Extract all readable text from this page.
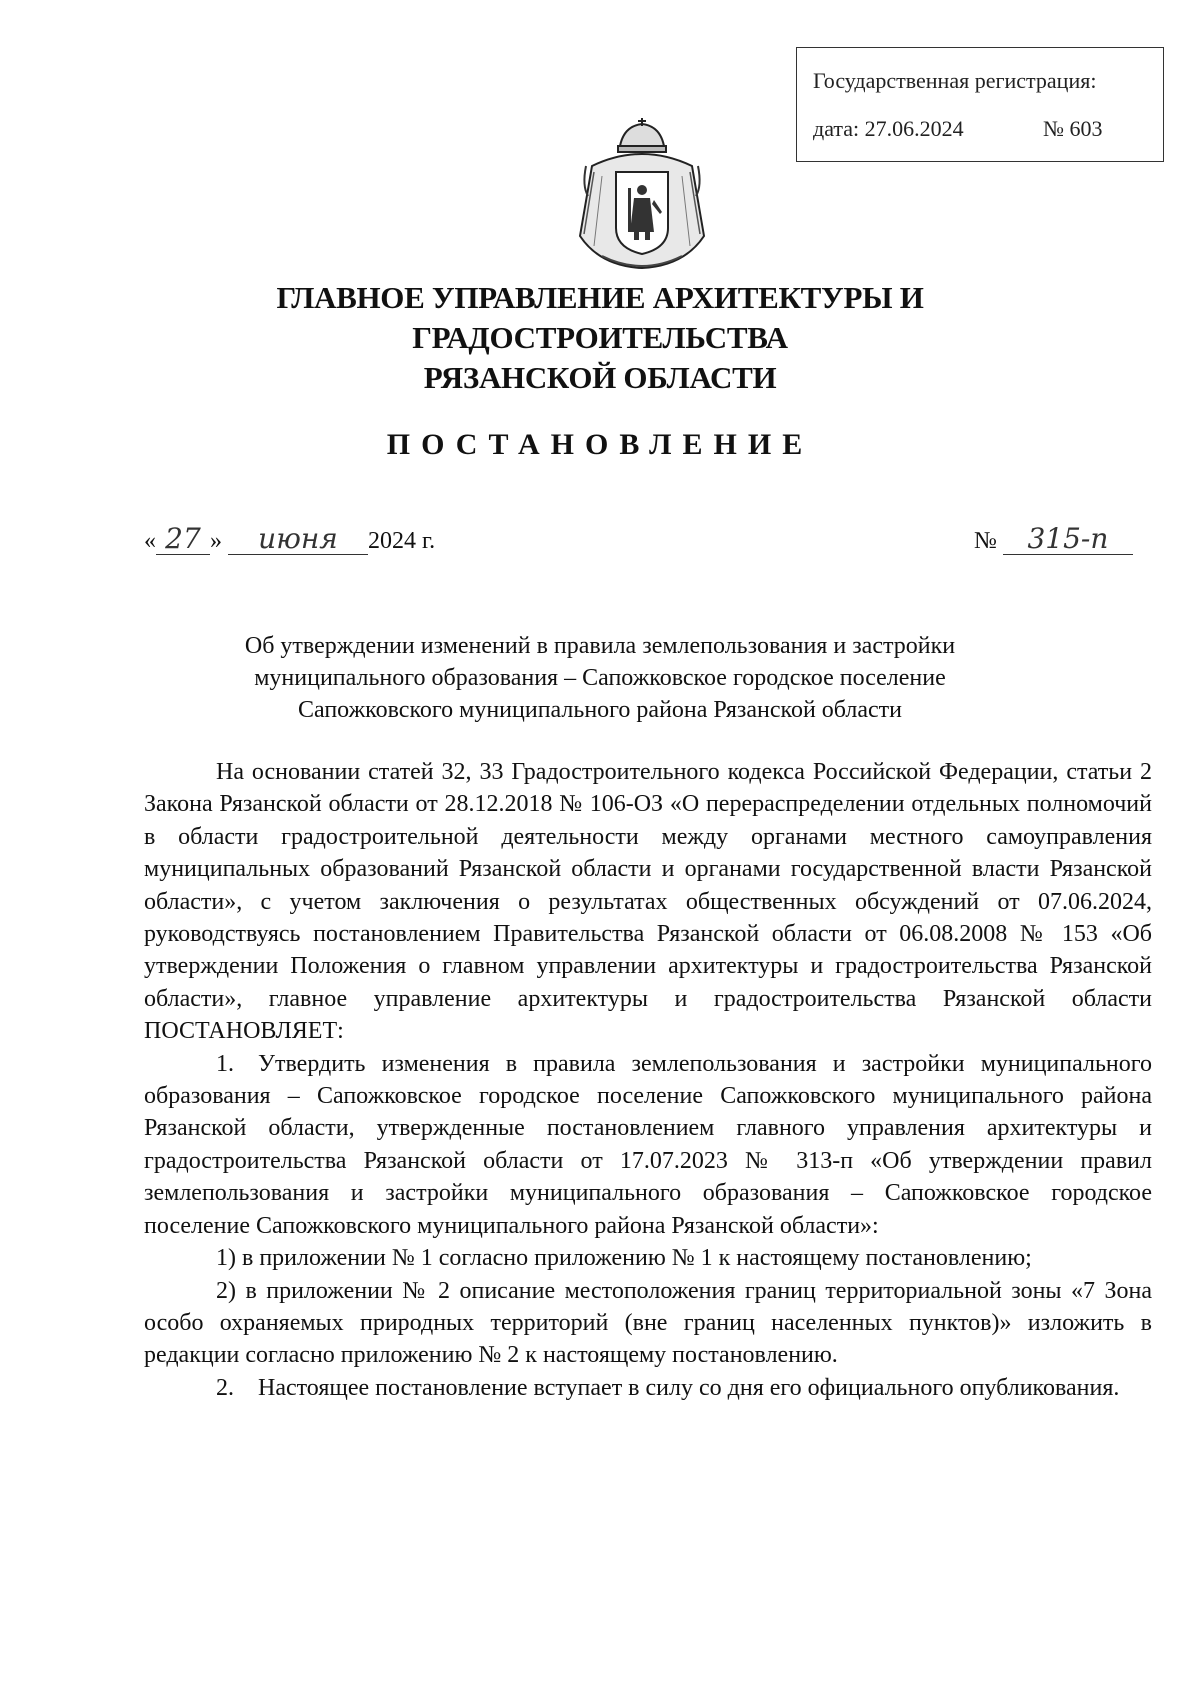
Государственная регистрация:
дата: 27.06.2024	№ 603
ГЛАВНОЕ УПРАВЛЕНИЕ АРХИТЕКТУРЫ И ГРАДОСТРОИТЕЛЬСТВА
РЯЗАНСКОЙ ОБЛАСТИ
ПОСТАНОВЛЕНИЕ
« 27 » июня 2024 г.	№ 315-п
Об утверждении изменений в правила землепользования и застройки
муниципального образования – Сапожковское городское поселение
Сапожковского муниципального района Рязанской области

На основании статей 32, 33 Градостроительного кодекса Российской Федерации, статьи 2 Закона Рязанской области от 28.12.2018 № 106-ОЗ «О перераспределении отдельных полномочий в области градостроительной деятельности между органами местного самоуправления муниципальных образований Рязанской области и органами государственной власти Рязанской области», с учетом заключения о результатах общественных обсуждений от 07.06.2024, руководствуясь постановлением Правительства Рязанской области от 06.08.2008 № 153 «Об утверждении Положения о главном управлении архитектуры и градостроительства Рязанской области», главное управление архитектуры и градостроительства Рязанской области ПОСТАНОВЛЯЕТ:

1. Утвердить изменения в правила землепользования и застройки муниципального образования – Сапожковское городское поселение Сапожковского муниципального района Рязанской области, утвержденные постановлением главного управления архитектуры и градостроительства Рязанской области от 17.07.2023 № 313-п «Об утверждении правил землепользования и застройки муниципального образования – Сапожковское городское поселение Сапожковского муниципального района Рязанской области»:

1) в приложении № 1 согласно приложению № 1 к настоящему постановлению;

2) в приложении № 2 описание местоположения границ территориальной зоны «7 Зона особо охраняемых природных территорий (вне границ населенных пунктов)» изложить в редакции согласно приложению № 2 к настоящему постановлению.

2. Настоящее постановление вступает в силу со дня его официального опубликования.
